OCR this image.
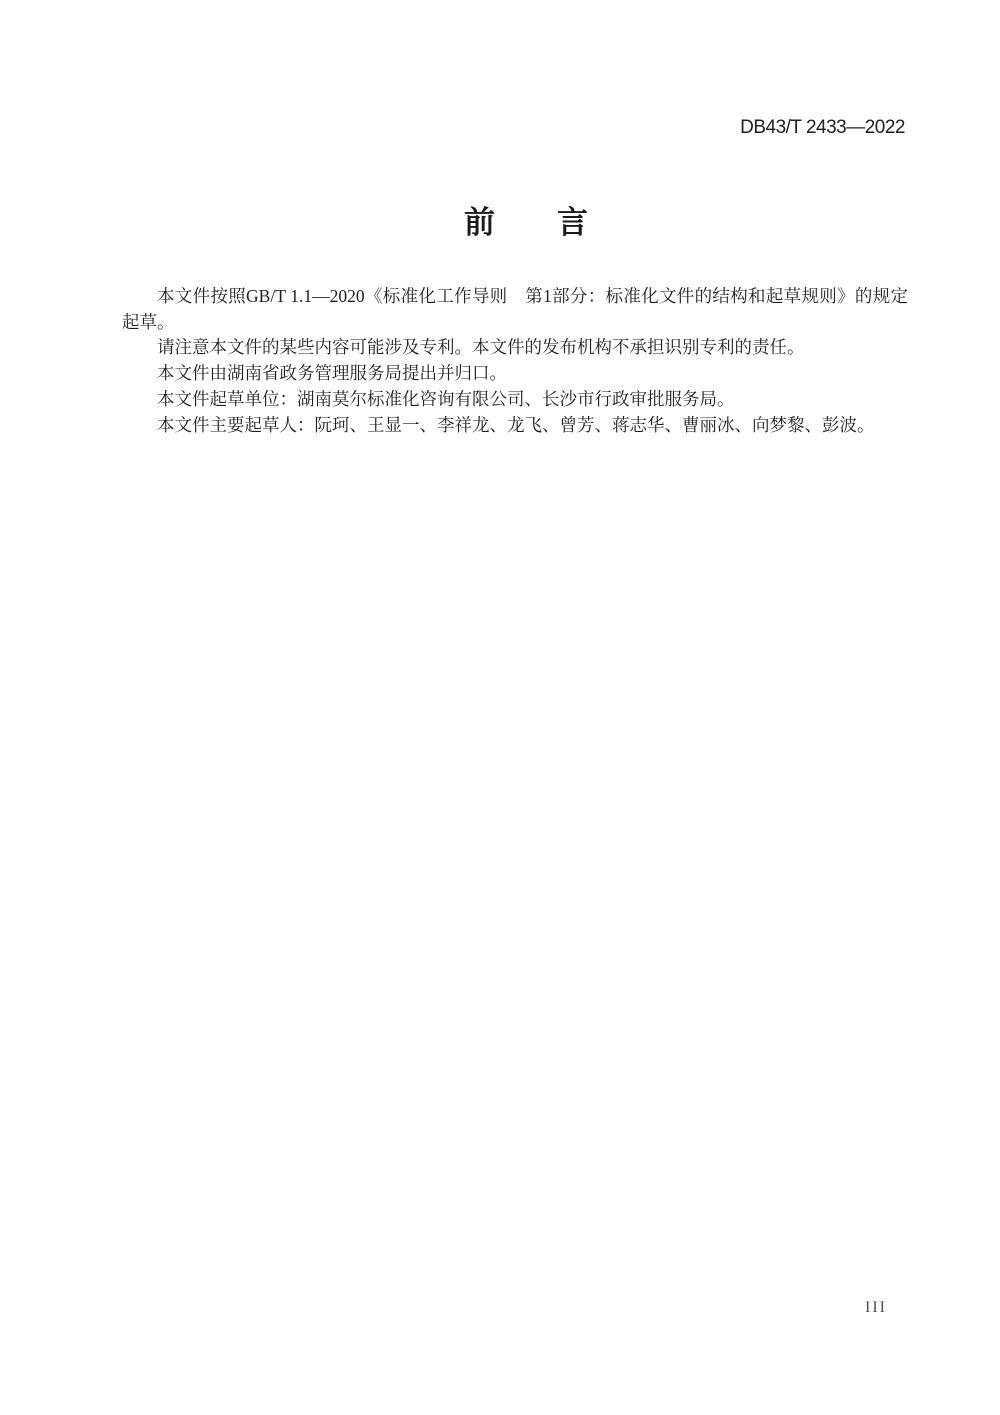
DB43/T 2433—2022
前　　言

本文件按照GB/T 1.1—2020《标准化工作导则　第1部分：标准化文件的结构和起草规则》的规定起草。

请注意本文件的某些内容可能涉及专利。本文件的发布机构不承担识别专利的责任。

本文件由湖南省政务管理服务局提出并归口。

本文件起草单位：湖南莫尔标准化咨询有限公司、长沙市行政审批服务局。

本文件主要起草人：阮珂、王显一、李祥龙、龙飞、曾芳、蒋志华、曹丽冰、向梦黎、彭波。

III
